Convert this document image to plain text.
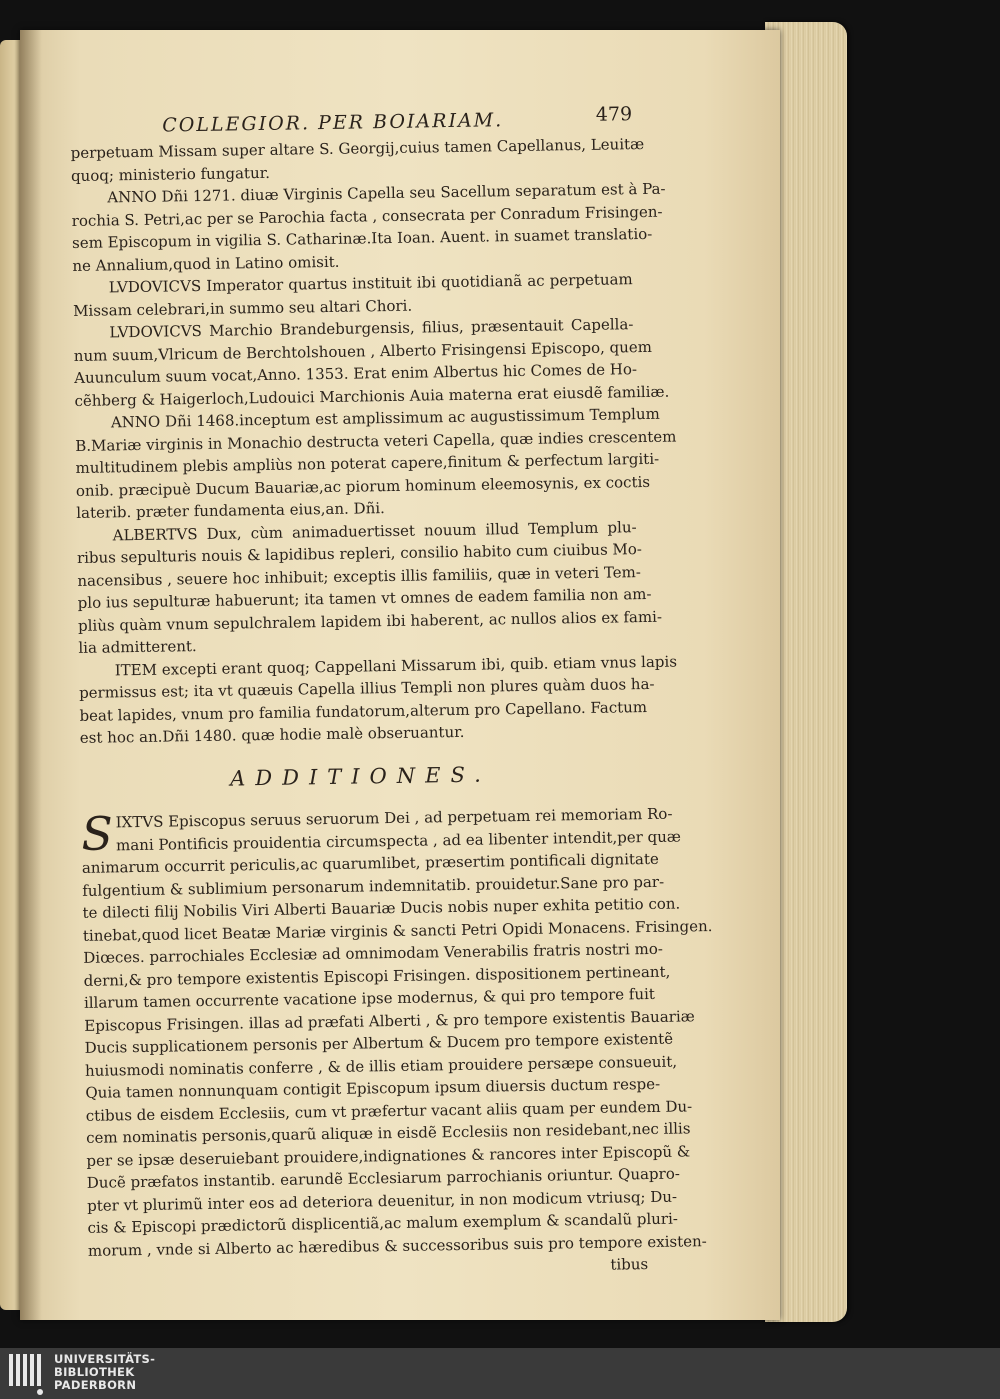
COLLEGIOR. PER BOIARIAM.	479
perpetuam Missam super altare S. Georgij,cuius tamen Capellanus, Leuitæ
quoq; ministerio fungatur.
ANNO Dñi 1271. diuæ Virginis Capella seu Sacellum separatum est à Pa-
rochia S. Petri,ac per se Parochia facta , consecrata per Conradum Frisingen-
sem Episcopum in vigilia S. Catharinæ.Ita Ioan. Auent. in suamet translatio-
ne Annalium,quod in Latino omisit.
LVDOVICVS Imperator quartus instituit ibi quotidianã ac perpetuam
Missam celebrari,in summo seu altari Chori.
LVDOVICVS Marchio Brandeburgensis, filius, præsentauit Capella-
num suum,Vlricum de Berchtolshouen , Alberto Frisingensi Episcopo, quem
Auunculum suum vocat,Anno. 1353. Erat enim Albertus hic Comes de Ho-
cẽhberg & Haigerloch,Ludouici Marchionis Auia materna erat eiusdẽ familiæ.
ANNO Dñi 1468.inceptum est amplissimum ac augustissimum Templum
B.Mariæ virginis in Monachio destructa veteri Capella, quæ indies crescentem
multitudinem plebis ampliùs non poterat capere,finitum & perfectum largiti-
onib. præcipuè Ducum Bauariæ,ac piorum hominum eleemosynis, ex coctis
laterib. præter fundamenta eius,an. Dñi.
ALBERTVS Dux, cùm animaduertisset nouum illud Templum plu-
ribus sepulturis nouis & lapidibus repleri, consilio habito cum ciuibus Mo-
nacensibus , seuere hoc inhibuit; exceptis illis familiis, quæ in veteri Tem-
plo ius sepulturæ habuerunt; ita tamen vt omnes de eadem familia non am-
pliùs quàm vnum sepulchralem lapidem ibi haberent, ac nullos alios ex fami-
lia admitterent.
ITEM excepti erant quoq; Cappellani Missarum ibi, quib. etiam vnus lapis
permissus est; ita vt quæuis Capella illius Templi non plures quàm duos ha-
beat lapides, vnum pro familia fundatorum,alterum pro Capellano. Factum
est hoc an.Dñi 1480. quæ hodie malè obseruantur.
ADDITIONES.
S IXTVS Episcopus seruus seruorum Dei , ad perpetuam rei memoriam Ro-
mani Pontificis prouidentia circumspecta , ad ea libenter intendit,per quæ
animarum occurrit periculis,ac quarumlibet, præsertim pontificali dignitate
fulgentium & sublimium personarum indemnitatib. prouidetur.Sane pro par-
te dilecti filij Nobilis Viri Alberti Bauariæ Ducis nobis nuper exhita petitio con.
tinebat,quod licet Beatæ Mariæ virginis & sancti Petri Opidi Monacens. Frisingen.
Diœces. parrochiales Ecclesiæ ad omnimodam Venerabilis fratris nostri mo-
derni,& pro tempore existentis Episcopi Frisingen. dispositionem pertineant,
illarum tamen occurrente vacatione ipse modernus, & qui pro tempore fuit
Episcopus Frisingen. illas ad præfati Alberti , & pro tempore existentis Bauariæ
Ducis supplicationem personis per Albertum & Ducem pro tempore existentẽ
huiusmodi nominatis conferre , & de illis etiam prouidere persæpe consueuit,
Quia tamen nonnunquam contigit Episcopum ipsum diuersis ductum respe-
ctibus de eisdem Ecclesiis, cum vt præfertur vacant aliis quam per eundem Du-
cem nominatis personis,quarũ aliquæ in eisdẽ Ecclesiis non residebant,nec illis
per se ipsæ deseruiebant prouidere,indignationes & rancores inter Episcopũ &
Ducẽ præfatos instantib. earundẽ Ecclesiarum parrochianis oriuntur. Quapro-
pter vt plurimũ inter eos ad deteriora deuenitur, in non modicum vtriusq; Du-
cis & Episcopi prædictorũ displicentiã,ac malum exemplum & scandalũ pluri-
morum , vnde si Alberto ac hæredibus & successoribus suis pro tempore existen-
tibus
UNIVERSITÄTS-
BIBLIOTHEK
PADERBORN
